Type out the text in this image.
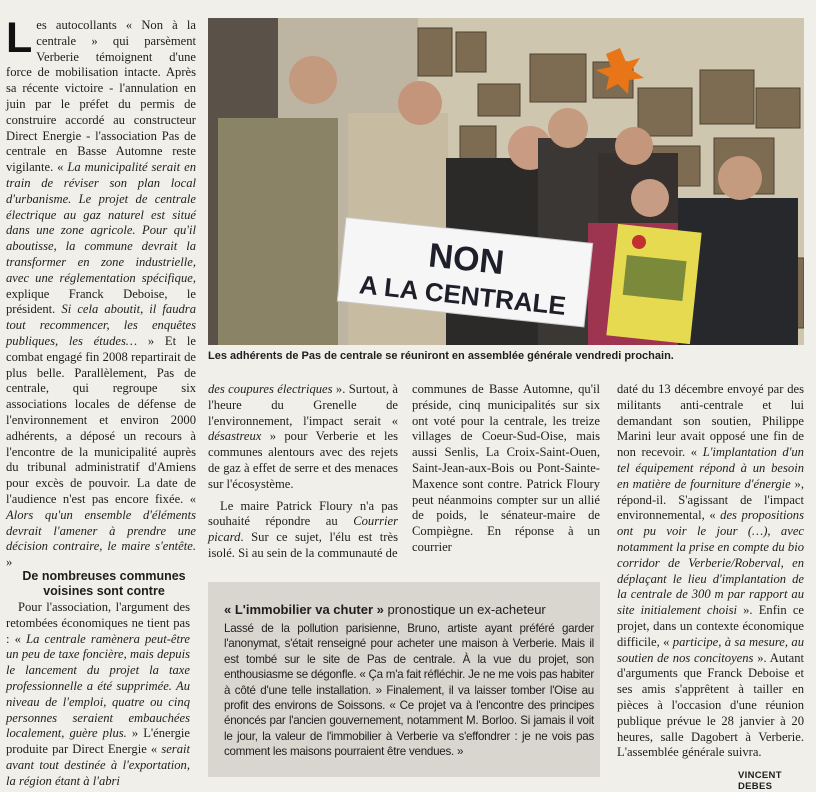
Les autocollants « Non à la centrale » qui parsèment Verberie témoignent d'une force de mobilisation intacte. Après sa récente victoire - l'annulation en juin par le préfet du permis de construire accordé au constructeur Direct Energie - l'association Pas de centrale en Basse Automne reste vigilante. « La municipalité serait en train de réviser son plan local d'urbanisme. Le projet de centrale électrique au gaz naturel est situé dans une zone agricole. Pour qu'il aboutisse, la commune devrait la transformer en zone industrielle, avec une réglementation spécifique, explique Franck Deboise, le président. Si cela aboutit, il faudra tout recommencer, les enquêtes publiques, les études… » Et le combat engagé fin 2008 repartirait de plus belle. Parallèlement, Pas de centrale, qui regroupe six associations locales de défense de l'environnement et environ 2000 adhérents, a déposé un recours à l'encontre de la municipalité auprès du tribunal administratif d'Amiens pour excès de pouvoir. La date de l'audience n'est pas encore fixée. « Alors qu'un ensemble d'éléments devrait l'amener à prendre une décision contraire, le maire s'entête. »

De nombreuses communes voisines sont contre

Pour l'association, l'argument des retombées économiques ne tient pas : « La centrale ramènera peut-être un peu de taxe foncière, mais depuis le lancement du projet la taxe professionnelle a été supprimée. Au niveau de l'emploi, quatre ou cinq personnes seraient embauchées localement, guère plus. » L'énergie produite par Direct Energie « serait avant tout destinée à l'exportation, la région étant à l'abri

NON
A LA CENTRALE
Les adhérents de Pas de centrale se réuniront en assemblée générale vendredi prochain.

des coupures électriques ». Surtout, à l'heure du Grenelle de l'environnement, l'impact serait « désastreux » pour Verberie et les communes alentours avec des rejets de gaz à effet de serre et des menaces sur l'écosystème.

Le maire Patrick Floury n'a pas souhaité répondre au Courrier picard. Sur ce sujet, l'élu est très isolé. Si au sein de la communauté de

communes de Basse Automne, qu'il préside, cinq municipalités sur six ont voté pour la centrale, les treize villages de Coeur-Sud-Oise, mais aussi Senlis, La Croix-Saint-Ouen, Saint-Jean-aux-Bois ou Pont-Sainte-Maxence sont contre. Patrick Floury peut néanmoins compter sur un allié de poids, le sénateur-maire de Compiègne. En réponse à un courrier

« L'immobilier va chuter » pronostique un ex-acheteur

Lassé de la pollution parisienne, Bruno, artiste ayant préféré garder l'anonymat, s'était renseigné pour acheter une maison à Verberie. Mais il est tombé sur le site de Pas de centrale. À la vue du projet, son enthousiasme se dégonfle. « Ça m'a fait réfléchir. Je ne me vois pas habiter à côté d'une telle installation. » Finalement, il va laisser tomber l'Oise au profit des environs de Soissons. « Ce projet va à l'encontre des principes énoncés par l'ancien gouvernement, notamment M. Borloo. Si jamais il voit le jour, la valeur de l'immobilier à Verberie va s'effondrer : je ne vois pas comment les maisons pourraient être vendues. »

daté du 13 décembre envoyé par des militants anti-centrale et lui demandant son soutien, Philippe Marini leur avait opposé une fin de non recevoir. « L'implantation d'un tel équipement répond à un besoin en matière de fourniture d'énergie », répond-il. S'agissant de l'impact environnemental, « des propositions ont pu voir le jour (…), avec notamment la prise en compte du bio corridor de Verberie/Roberval, en déplaçant le lieu d'implantation de la centrale de 300 m par rapport au site initialement choisi ». Enfin ce projet, dans un contexte économique difficile, « participe, à sa mesure, au soutien de nos concitoyens ». Autant d'arguments que Franck Deboise et ses amis s'apprêtent à tailler en pièces à l'occasion d'une réunion publique prévue le 28 janvier à 20 heures, salle Dagobert à Verberie. L'assemblée générale suivra.

VINCENT DEBES
